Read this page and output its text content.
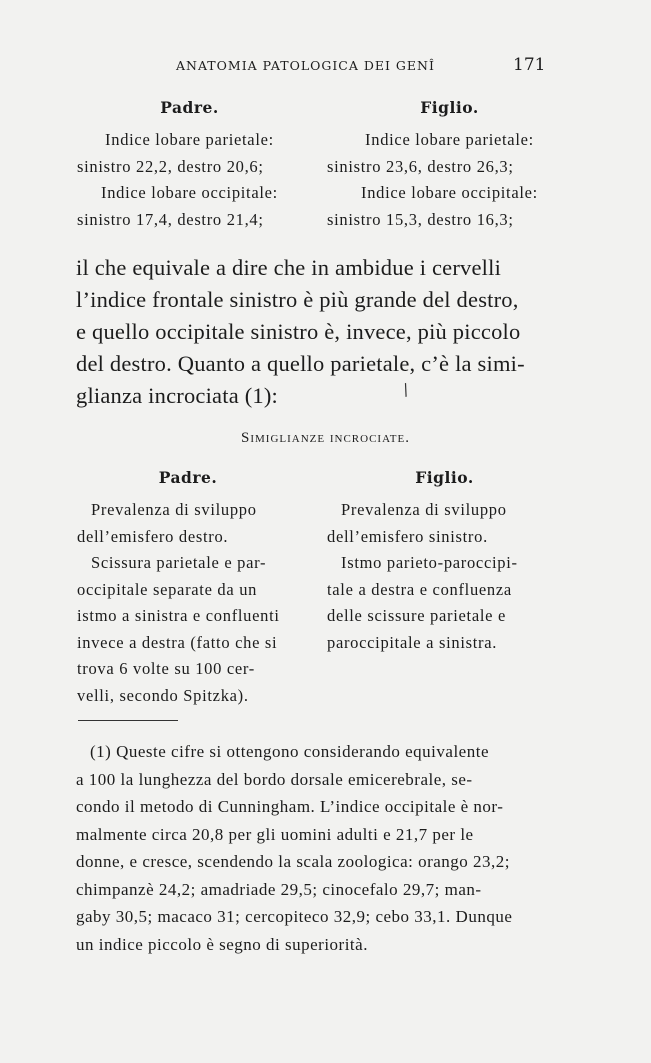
ANATOMIA PATOLOGICA DEI GENÎ	171
Padre.
Indice lobare parietale:
sinistro 22,2, destro 20,6;
Indice lobare occipitale:
sinistro 17,4, destro 21,4;
Figlio.
Indice lobare parietale:
sinistro 23,6, destro 26,3;
Indice lobare occipitale:
sinistro 15,3, destro 16,3;
il che equivale a dire che in ambidue i cervelli
l’indice frontale sinistro è più grande del destro,
e quello occipitale sinistro è, invece, più piccolo
del destro. Quanto a quello parietale, c’è la simi-
glianza incrociata (1):	/
Simiglianze incrociate.
Padre.
Prevalenza di sviluppo
dell’emisfero destro.
Scissura parietale e par-
occipitale separate da un
istmo a sinistra e confluenti
invece a destra (fatto che si
trova 6 volte su 100 cer-
velli, secondo Spitzka).
Figlio.
Prevalenza di sviluppo
dell’emisfero sinistro.
Istmo parieto-paroccipi-
tale a destra e confluenza
delle scissure parietale e
paroccipitale a sinistra.
(1) Queste cifre si ottengono considerando equivalente
a 100 la lunghezza del bordo dorsale emicerebrale, se-
condo il metodo di Cunningham. L’indice occipitale è nor-
malmente circa 20,8 per gli uomini adulti e 21,7 per le
donne, e cresce, scendendo la scala zoologica: orango 23,2;
chimpanzè 24,2; amadriade 29,5; cinocefalo 29,7; man-
gaby 30,5; macaco 31; cercopiteco 32,9; cebo 33,1. Dunque
un indice piccolo è segno di superiorità.
